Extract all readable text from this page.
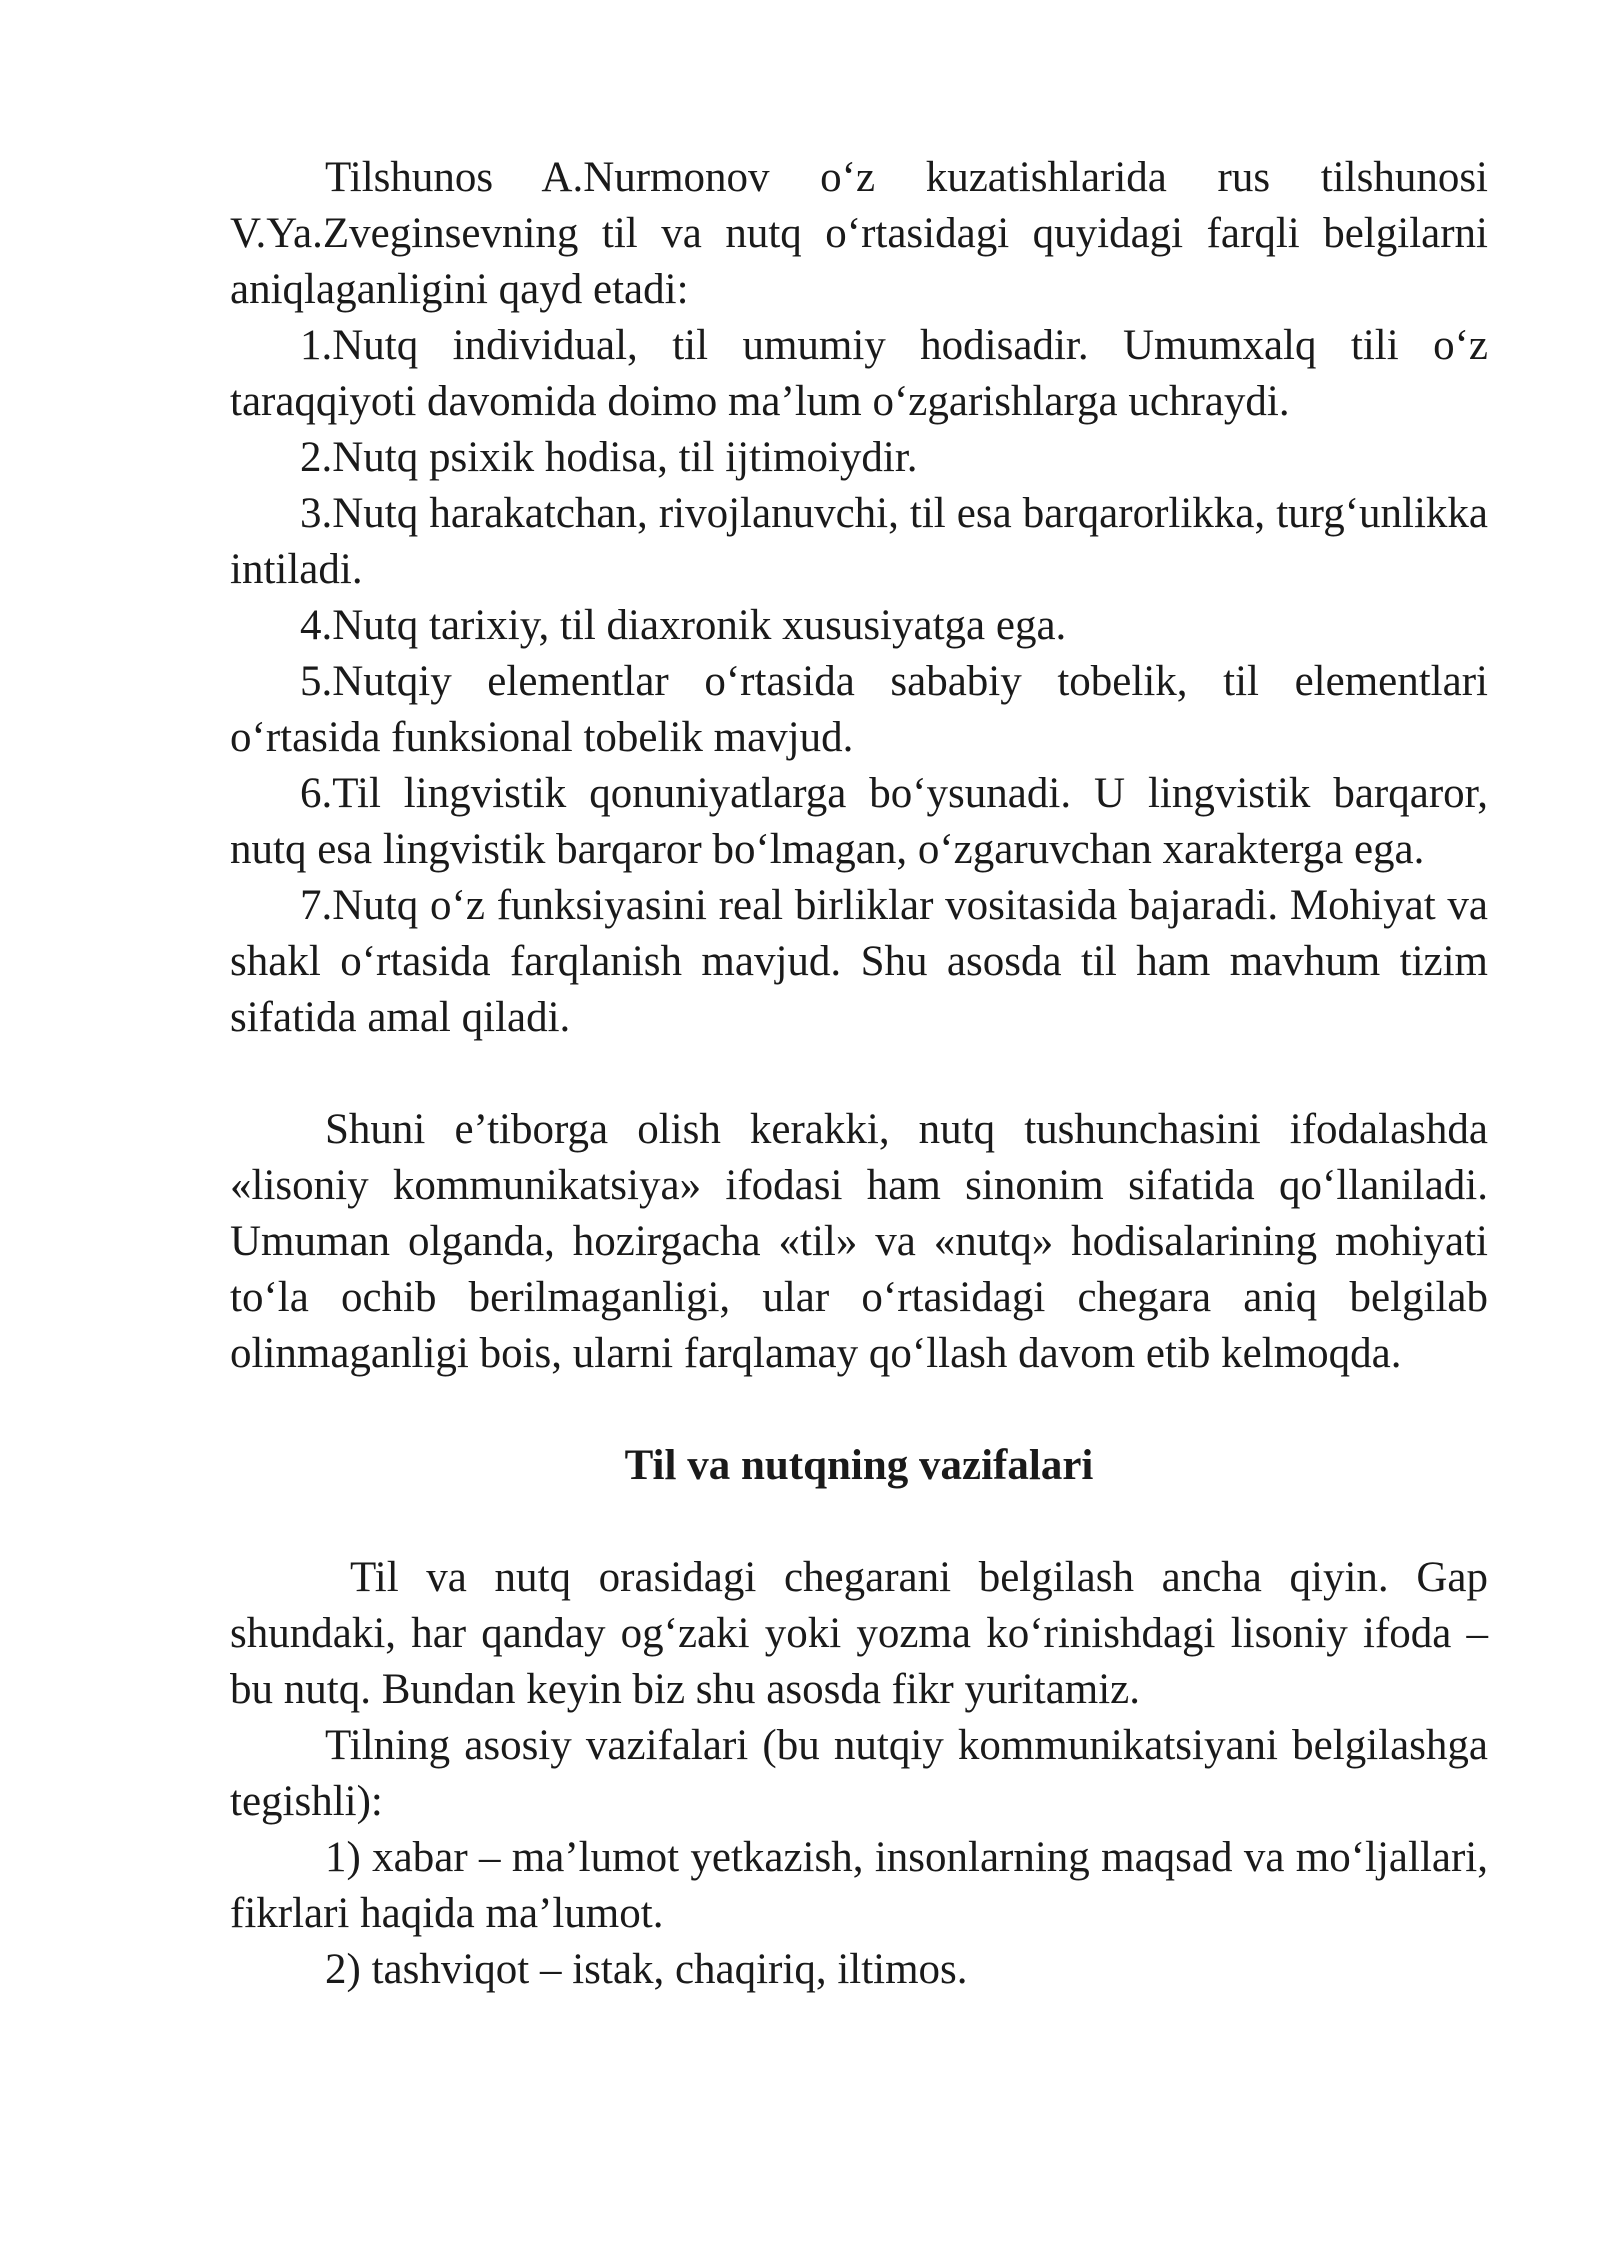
Tilshunos A.Nurmonov o‘z kuzatishlarida rus tilshunosi V.Ya.Zveginsevning til va nutq o‘rtasidagi quyidagi farqli belgilarni aniqlaganligini qayd etadi:

1.Nutq individual, til umumiy hodisadir. Umumxalq tili o‘z taraqqiyoti davomida doimo ma’lum o‘zgarishlarga uchraydi.

2.Nutq psixik hodisa, til ijtimoiydir.

3.Nutq harakatchan, rivojlanuvchi, til esa barqarorlikka, turg‘unlikka intiladi.

4.Nutq tarixiy, til diaxronik xususiyatga ega.

5.Nutqiy elementlar o‘rtasida sababiy tobelik, til elementlari o‘rtasida funksional tobelik mavjud.

6.Til lingvistik qonuniyatlarga bo‘ysunadi. U lingvistik barqaror, nutq esa lingvistik barqaror bo‘lmagan, o‘zgaruvchan xarakterga ega.

7.Nutq o‘z funksiyasini real birliklar vositasida bajaradi. Mohiyat va shakl o‘rtasida farqlanish mavjud. Shu asosda til ham mavhum tizim sifatida amal qiladi.

Shuni e’tiborga olish kerakki, nutq tushunchasini ifodalashda «lisoniy kommunikatsiya» ifodasi ham sinonim sifatida qo‘llaniladi. Umuman olganda, hozirgacha «til» va «nutq» hodisalarining mohiyati to‘la ochib berilmaganligi, ular o‘rtasidagi chegara aniq belgilab olinmaganligi bois, ularni farqlamay qo‘llash davom etib kelmoqda.

Til va nutqning vazifalari

Til va nutq orasidagi chegarani belgilash ancha qiyin. Gap shundaki, har qanday og‘zaki yoki yozma ko‘rinishdagi lisoniy ifoda – bu nutq. Bundan keyin biz shu asosda fikr yuritamiz.

Tilning asosiy vazifalari (bu nutqiy kommunikatsiyani belgilashga tegishli):

1) xabar – ma’lumot yetkazish, insonlarning maqsad va mo‘ljallari, fikrlari haqida ma’lumot.

2) tashviqot – istak, chaqiriq, iltimos.
